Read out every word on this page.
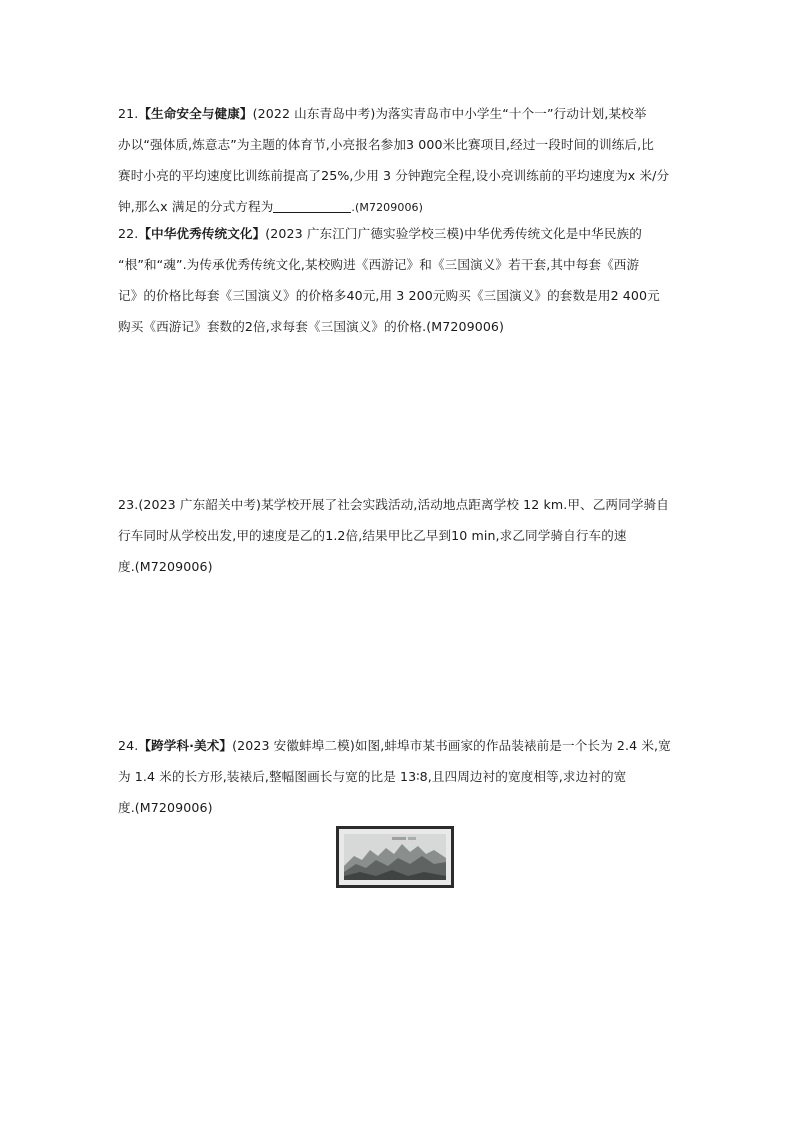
21.【生命安全与健康】(2022 山东青岛中考)为落实青岛市中小学生“十个一”行动计划,某校举
办以“强体质,炼意志”为主题的体育节,小亮报名参加3 000米比赛项目,经过一段时间的训练后,比
赛时小亮的平均速度比训练前提高了25%,少用 3 分钟跑完全程,设小亮训练前的平均速度为x 米/分
钟,那么x 满足的分式方程为	.(M7209006)
22.【中华优秀传统文化】(2023 广东江门广德实验学校三模)中华优秀传统文化是中华民族的
“根”和“魂”.为传承优秀传统文化,某校购进《西游记》和《三国演义》若干套,其中每套《西游
记》的价格比每套《三国演义》的价格多40元,用 3 200元购买《三国演义》的套数是用2 400元
购买《西游记》套数的2倍,求每套《三国演义》的价格.(M7209006)
23.(2023 广东韶关中考)某学校开展了社会实践活动,活动地点距离学校 12 km.甲、乙两同学骑自
行车同时从学校出发,甲的速度是乙的1.2倍,结果甲比乙早到10 min,求乙同学骑自行车的速
度.(M7209006)
24.【跨学科·美术】(2023 安徽蚌埠二模)如图,蚌埠市某书画家的作品装裱前是一个长为 2.4 米,宽
为 1.4 米的长方形,装裱后,整幅图画长与宽的比是 13∶8,且四周边衬的宽度相等,求边衬的宽
度.(M7209006)
